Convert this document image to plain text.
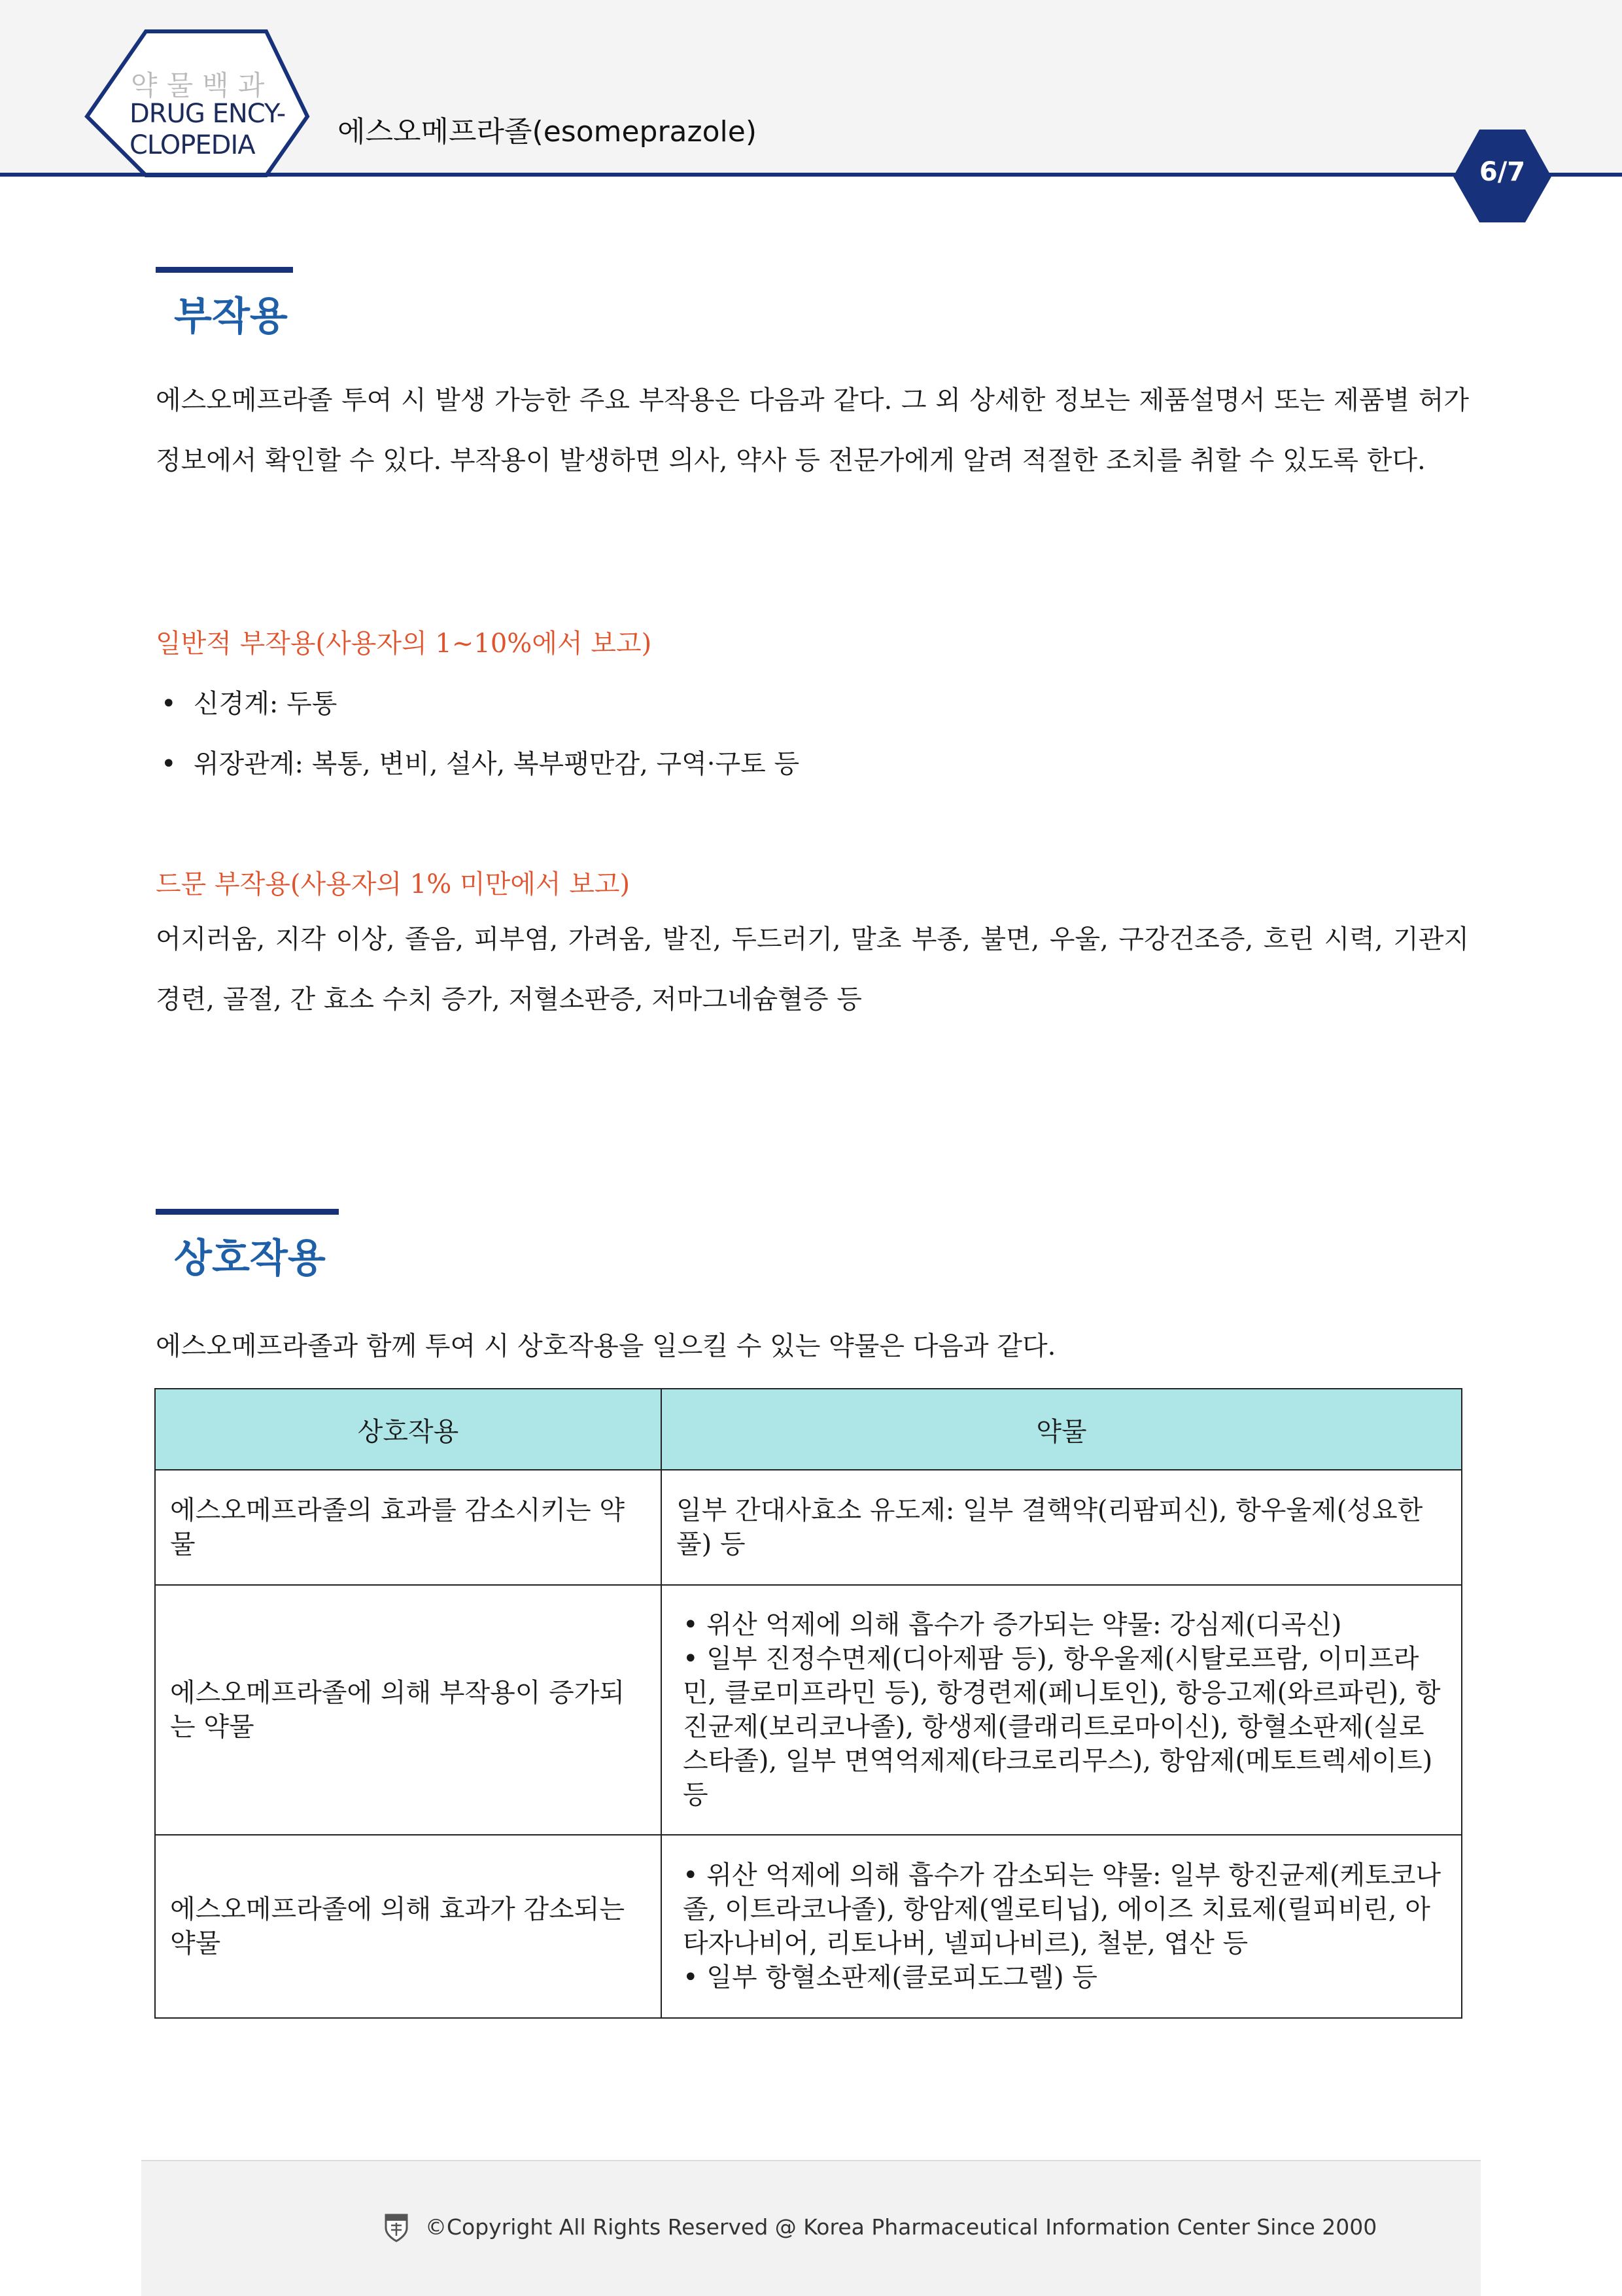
약물백과
DRUG ENCY-
CLOPEDIA	에스오메프라졸(esomeprazole)
6/7
부작용
에스오메프라졸 투여 시 발생 가능한 주요 부작용은 다음과 같다. 그 외 상세한 정보는 제품설명서 또는 제품별 허가정보에서 확인할 수 있다. 부작용이 발생하면 의사, 약사 등 전문가에게 알려 적절한 조치를 취할 수 있도록 한다.
일반적 부작용(사용자의 1~10%에서 보고)
• 신경계: 두통
• 위장관계: 복통, 변비, 설사, 복부팽만감, 구역·구토 등
드문 부작용(사용자의 1% 미만에서 보고)
어지러움, 지각 이상, 졸음, 피부염, 가려움, 발진, 두드러기, 말초 부종, 불면, 우울, 구강건조증, 흐린 시력, 기관지 경련, 골절, 간 효소 수치 증가, 저혈소판증, 저마그네슘혈증 등
상호작용
에스오메프라졸과 함께 투여 시 상호작용을 일으킬 수 있는 약물은 다음과 같다.
상호작용	약물
에스오메프라졸의 효과를 감소시키는 약물	일부 간대사효소 유도제: 일부 결핵약(리팜피신), 항우울제(성요한풀) 등

에스오메프라졸에 의해 부작용이 증가되는 약물	• 위산 억제에 의해 흡수가 증가되는 약물: 강심제(디곡신)
• 일부 진정수면제(디아제팜 등), 항우울제(시탈로프람, 이미프라민, 클로미프라민 등), 항경련제(페니토인), 항응고제(와르파린), 항진균제(보리코나졸), 항생제(클래리트로마이신), 항혈소판제(실로스타졸), 일부 면역억제제(타크로리무스), 항암제(메토트렉세이트) 등

에스오메프라졸에 의해 효과가 감소되는 약물	• 위산 억제에 의해 흡수가 감소되는 약물: 일부 항진균제(케토코나졸, 이트라코나졸), 항암제(엘로티닙), 에이즈 치료제(릴피비린, 아타자나비어, 리토나버, 넬피나비르), 철분, 엽산 등
• 일부 항혈소판제(클로피도그렐) 등
©Copyright All Rights Reserved @ Korea Pharmaceutical Information Center Since 2000
